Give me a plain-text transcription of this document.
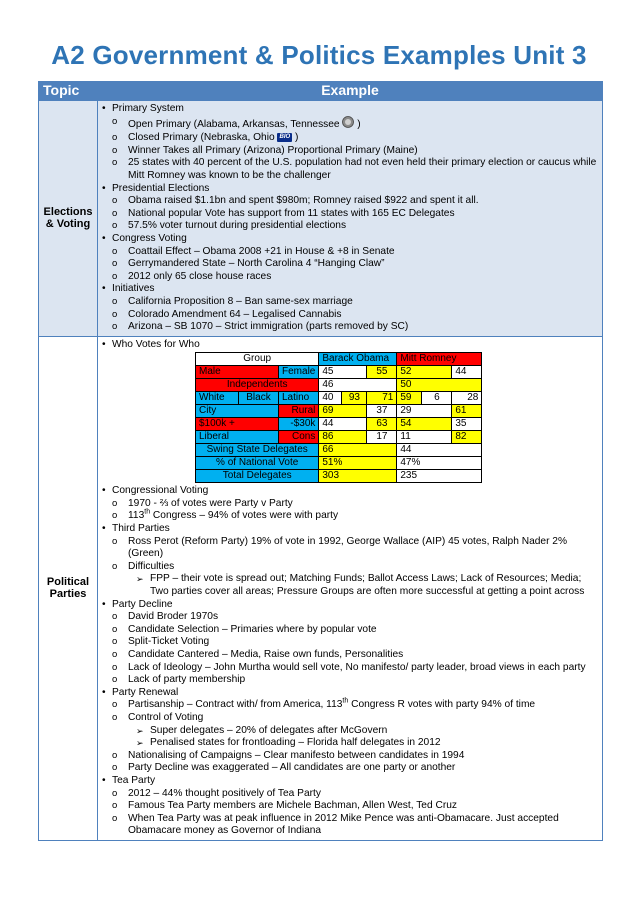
A2 Government & Politics Examples Unit 3
Topic	Example
Elections & Voting	
• Primary System
o Open Primary (Alabama, Arkansas, Tennessee )
o Closed Primary (Nebraska, Ohio BIO )
o Winner Takes all Primary (Arizona) Proportional Primary (Maine)
o 25 states with 40 percent of the U.S. population had not even held their primary election or caucus while Mitt Romney was known to be the challenger
• Presidential Elections
o Obama raised $1.1bn and spent $980m; Romney raised $922 and spent it all.
o National popular Vote has support from 11 states with 165 EC Delegates
o 57.5% voter turnout during presidential elections
• Congress Voting
o Coattail Effect – Obama 2008 +21 in House & +8 in Senate
o Gerrymandered State – North Carolina 4 “Hanging Claw”
o 2012 only 65 close house races
• Initiatives
o California Proposition 8 – Ban same-sex marriage
o Colorado Amendment 64 – Legalised Cannabis
o Arizona – SB 1070 – Strict immigration (parts removed by SC)

Political Parties	
• Who Votes for Who
Group	Barack Obama	Mitt Romney
Male	Female	45	55	52	44
Independents	46	50
White	Black	Latino	40	93	71	59	6	28
City	Rural	69	37	29	61
$100k +	-$30k	44	63	54	35
Liberal	Cons	86	17	11	82
Swing State Delegates	66	44
% of National Vote	51%	47%
Total Delegates	303	235
• Congressional Voting
o 1970 - ⅔ of votes were Party v Party
o 113th Congress – 94% of votes were with party
• Third Parties
o Ross Perot (Reform Party) 19% of vote in 1992, George Wallace (AIP) 45 votes, Ralph Nader 2% (Green)
o Difficulties
➢ FPP – their vote is spread out; Matching Funds; Ballot Access Laws; Lack of Resources; Media; Two parties cover all areas; Pressure Groups are often more successful at getting a point across
• Party Decline
o David Broder 1970s
o Candidate Selection – Primaries where by popular vote
o Split-Ticket Voting
o Candidate Cantered – Media, Raise own funds, Personalities
o Lack of Ideology – John Murtha would sell vote, No manifesto/ party leader, broad views in each party
o Lack of party membership
• Party Renewal
o Partisanship – Contract with/ from America, 113th Congress R votes with party 94% of time
o Control of Voting
➢ Super delegates – 20% of delegates after McGovern
➢ Penalised states for frontloading – Florida half delegates in 2012
o Nationalising of Campaigns – Clear manifesto between candidates in 1994
o Party Decline was exaggerated – All candidates are one party or another
• Tea Party
o 2012 – 44% thought positively of Tea Party
o Famous Tea Party members are Michele Bachman, Allen West, Ted Cruz
o When Tea Party was at peak influence in 2012 Mike Pence was anti-Obamacare. Just accepted Obamacare money as Governor of Indiana
